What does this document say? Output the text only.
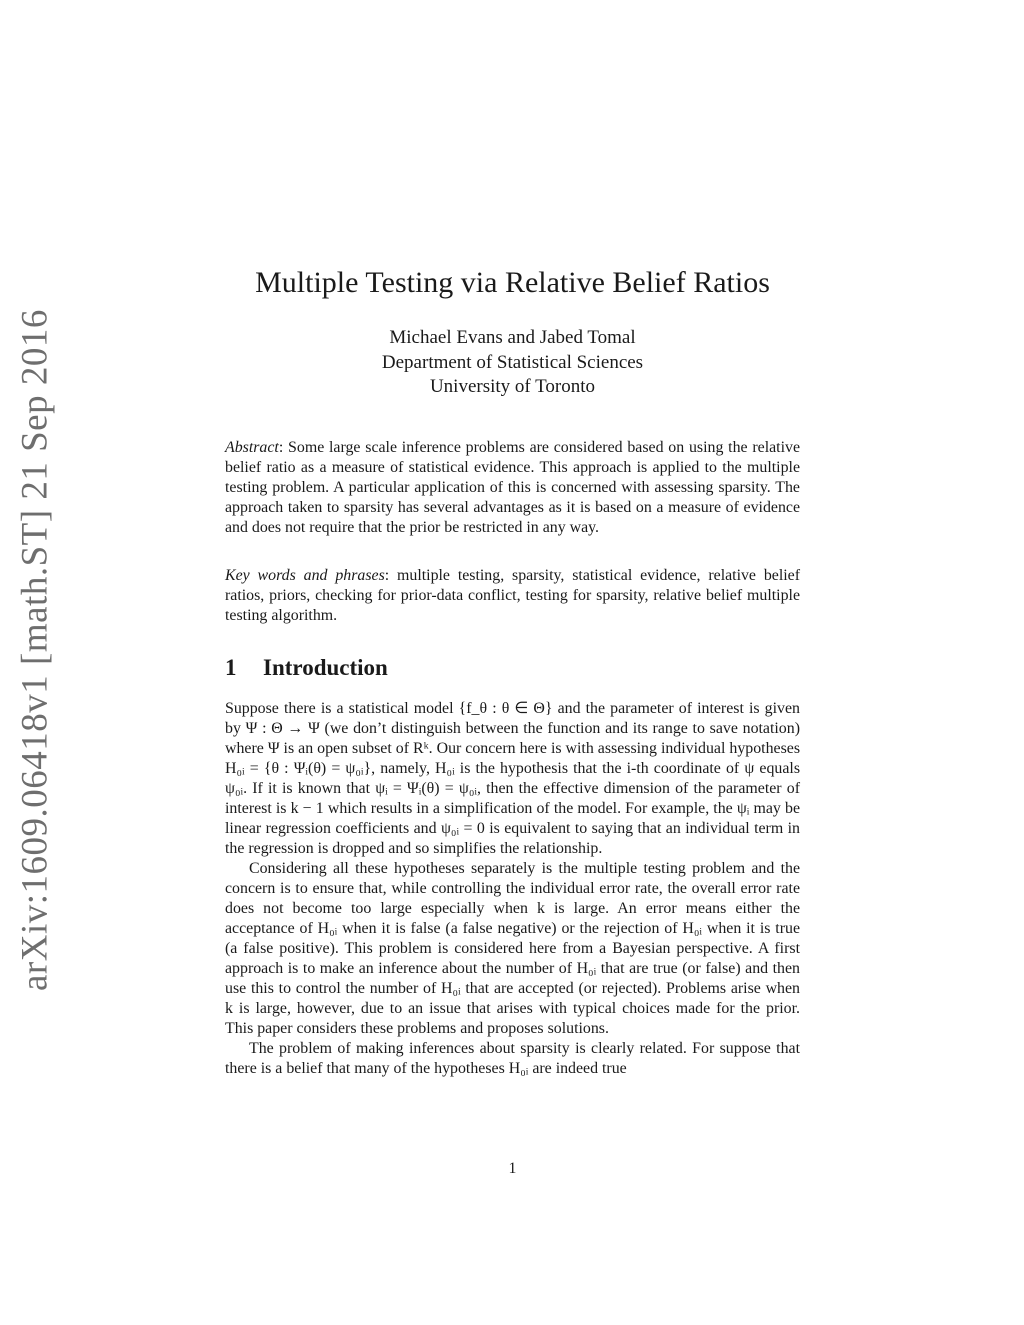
arXiv:1609.06418v1 [math.ST] 21 Sep 2016
Multiple Testing via Relative Belief Ratios
Michael Evans and Jabed Tomal
Department of Statistical Sciences
University of Toronto

Abstract: Some large scale inference problems are considered based on using the relative belief ratio as a measure of statistical evidence. This approach is applied to the multiple testing problem. A particular application of this is concerned with assessing sparsity. The approach taken to sparsity has several advantages as it is based on a measure of evidence and does not require that the prior be restricted in any way.

Key words and phrases: multiple testing, sparsity, statistical evidence, relative belief ratios, priors, checking for prior-data conflict, testing for sparsity, relative belief multiple testing algorithm.

1 Introduction

Suppose there is a statistical model {f_θ : θ ∈ Θ} and the parameter of interest is given by Ψ : Θ → Ψ (we don’t distinguish between the function and its range to save notation) where Ψ is an open subset of Rᵏ. Our concern here is with assessing individual hypotheses H₀ᵢ = {θ : Ψᵢ(θ) = ψ₀ᵢ}, namely, H₀ᵢ is the hypothesis that the i-th coordinate of ψ equals ψ₀ᵢ. If it is known that ψᵢ = Ψᵢ(θ) = ψ₀ᵢ, then the effective dimension of the parameter of interest is k − 1 which results in a simplification of the model. For example, the ψᵢ may be linear regression coefficients and ψ₀ᵢ = 0 is equivalent to saying that an individual term in the regression is dropped and so simplifies the relationship.

Considering all these hypotheses separately is the multiple testing problem and the concern is to ensure that, while controlling the individual error rate, the overall error rate does not become too large especially when k is large. An error means either the acceptance of H₀ᵢ when it is false (a false negative) or the rejection of H₀ᵢ when it is true (a false positive). This problem is considered here from a Bayesian perspective. A first approach is to make an inference about the number of H₀ᵢ that are true (or false) and then use this to control the number of H₀ᵢ that are accepted (or rejected). Problems arise when k is large, however, due to an issue that arises with typical choices made for the prior. This paper considers these problems and proposes solutions.

The problem of making inferences about sparsity is clearly related. For suppose that there is a belief that many of the hypotheses H₀ᵢ are indeed true

1
